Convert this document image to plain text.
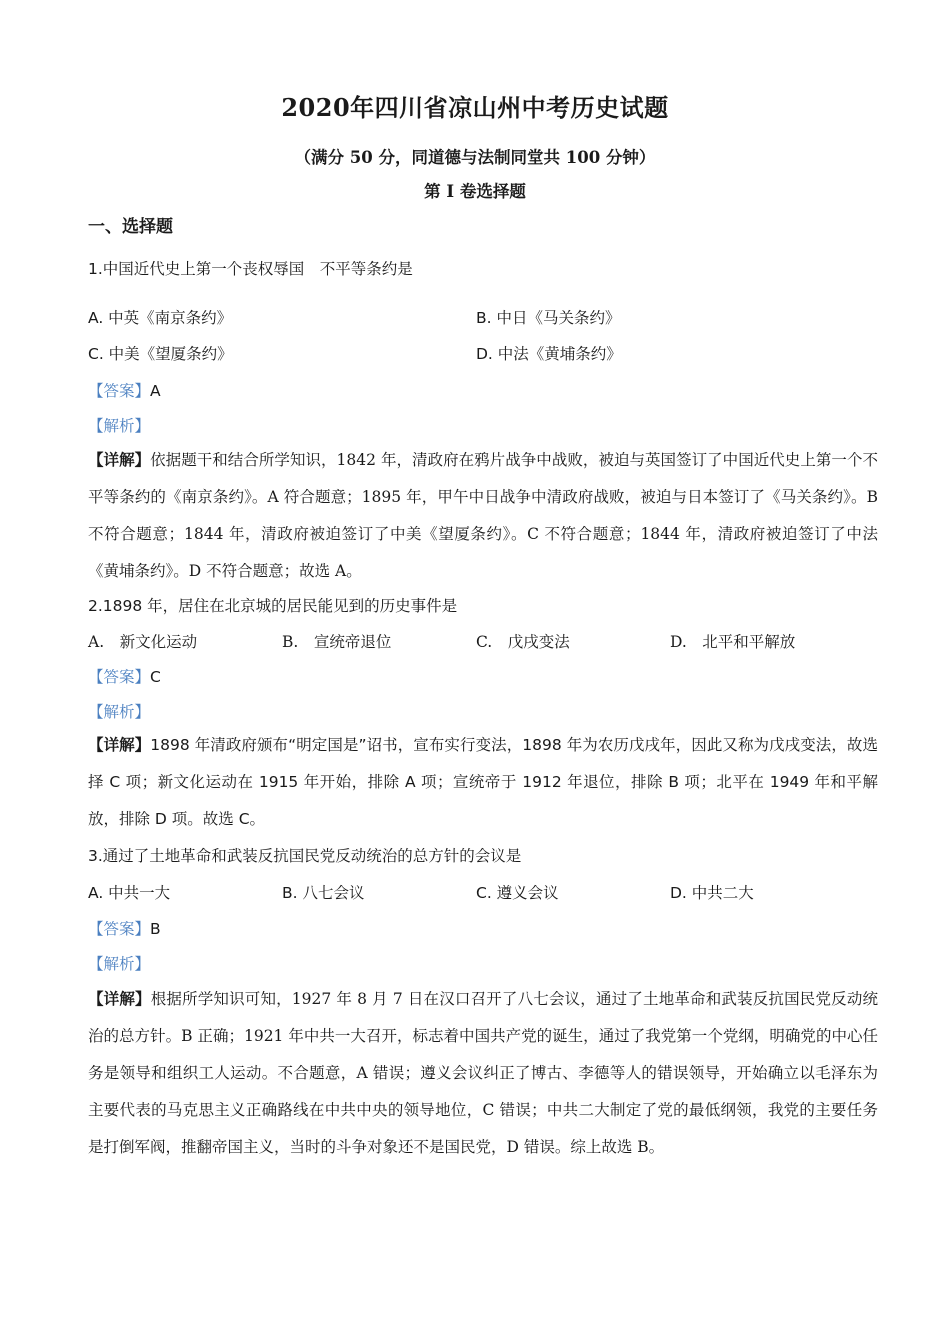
2020年四川省凉山州中考历史试题
（满分 50 分，同道德与法制同堂共 100 分钟）
第 I 卷选择题
一、选择题
1.中国近代史上第一个丧权辱国　不平等条约是
A. 中英《南京条约》	B. 中日《马关条约》
C. 中美《望厦条约》	D. 中法《黄埔条约》
【答案】A
【解析】
【详解】依据题干和结合所学知识，1842 年，清政府在鸦片战争中战败，被迫与英国签订了中国近代史上第一个不平等条约的《南京条约》。A 符合题意；1895 年，甲午中日战争中清政府战败，被迫与日本签订了《马关条约》。B 不符合题意；1844 年，清政府被迫签订了中美《望厦条约》。C 不符合题意；1844 年，清政府被迫签订了中法《黄埔条约》。D 不符合题意；故选 A。
2.1898 年，居住在北京城的居民能见到的历史事件是
A.　新文化运动	B.　宣统帝退位	C.　戊戌变法	D.　北平和平解放
【答案】C
【解析】
【详解】1898 年清政府颁布“明定国是”诏书，宣布实行变法，1898 年为农历戊戌年，因此又称为戊戌变法，故选择 C 项；新文化运动在 1915 年开始，排除 A 项；宣统帝于 1912 年退位，排除 B 项；北平在 1949 年和平解放，排除 D 项。故选 C。
3.通过了土地革命和武装反抗国民党反动统治的总方针的会议是
A. 中共一大	B. 八七会议	C. 遵义会议	D. 中共二大
【答案】B
【解析】
【详解】根据所学知识可知，1927 年 8 月 7 日在汉口召开了八七会议，通过了土地革命和武装反抗国民党反动统治的总方针。B 正确；1921 年中共一大召开，标志着中国共产党的诞生，通过了我党第一个党纲，明确党的中心任务是领导和组织工人运动。不合题意，A 错误；遵义会议纠正了博古、李德等人的错误领导，开始确立以毛泽东为主要代表的马克思主义正确路线在中共中央的领导地位，C 错误；中共二大制定了党的最低纲领，我党的主要任务是打倒军阀，推翻帝国主义，当时的斗争对象还不是国民党，D 错误。综上故选 B。
